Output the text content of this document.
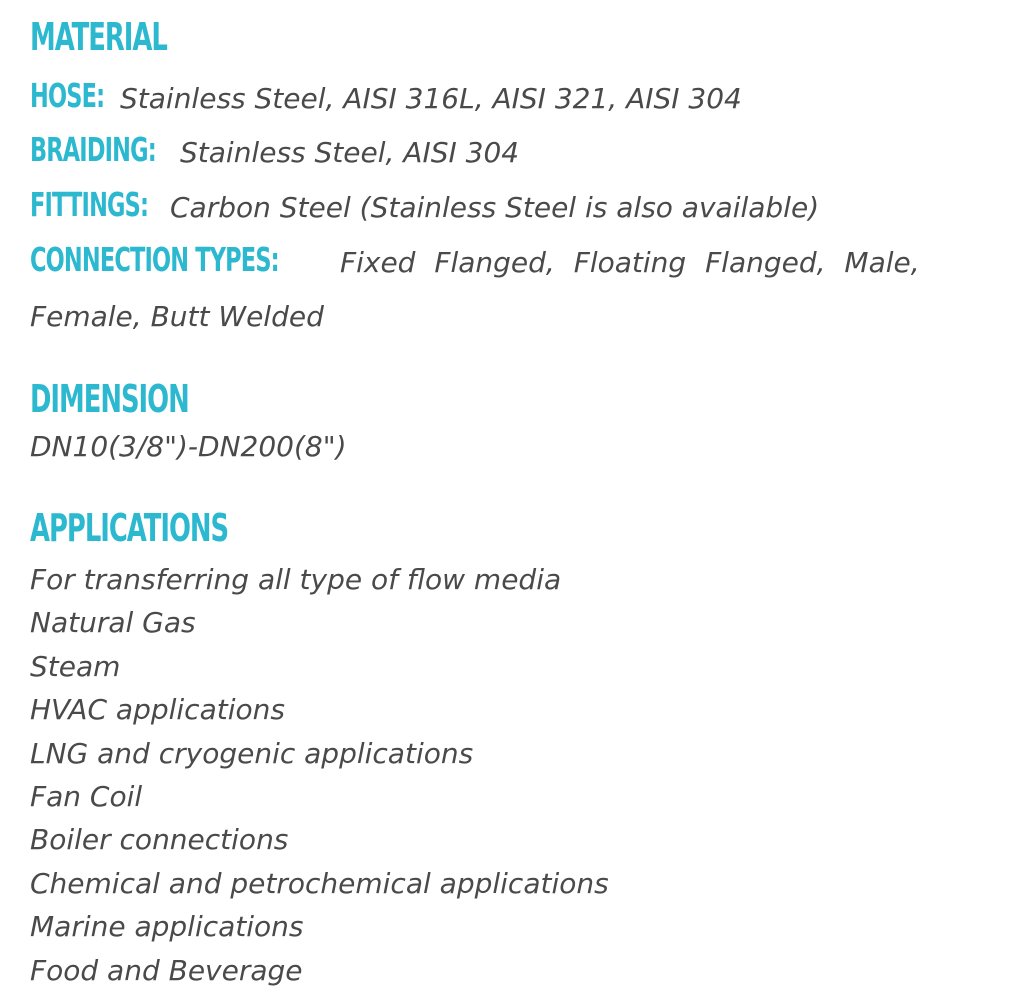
MATERIAL
HOSE: Stainless Steel, AISI 316L, AISI 321, AISI 304
BRAIDING: Stainless Steel, AISI 304
FITTINGS: Carbon Steel (Stainless Steel is also available)
CONNECTION TYPES: Fixed Flanged, Floating Flanged, Male,

Female, Butt Welded

DIMENSION

DN10(3/8")-DN200(8")

APPLICATIONS
For transferring all type of flow media
Natural Gas
Steam
HVAC applications
LNG and cryogenic applications
Fan Coil
Boiler connections
Chemical and petrochemical applications
Marine applications
Food and Beverage
